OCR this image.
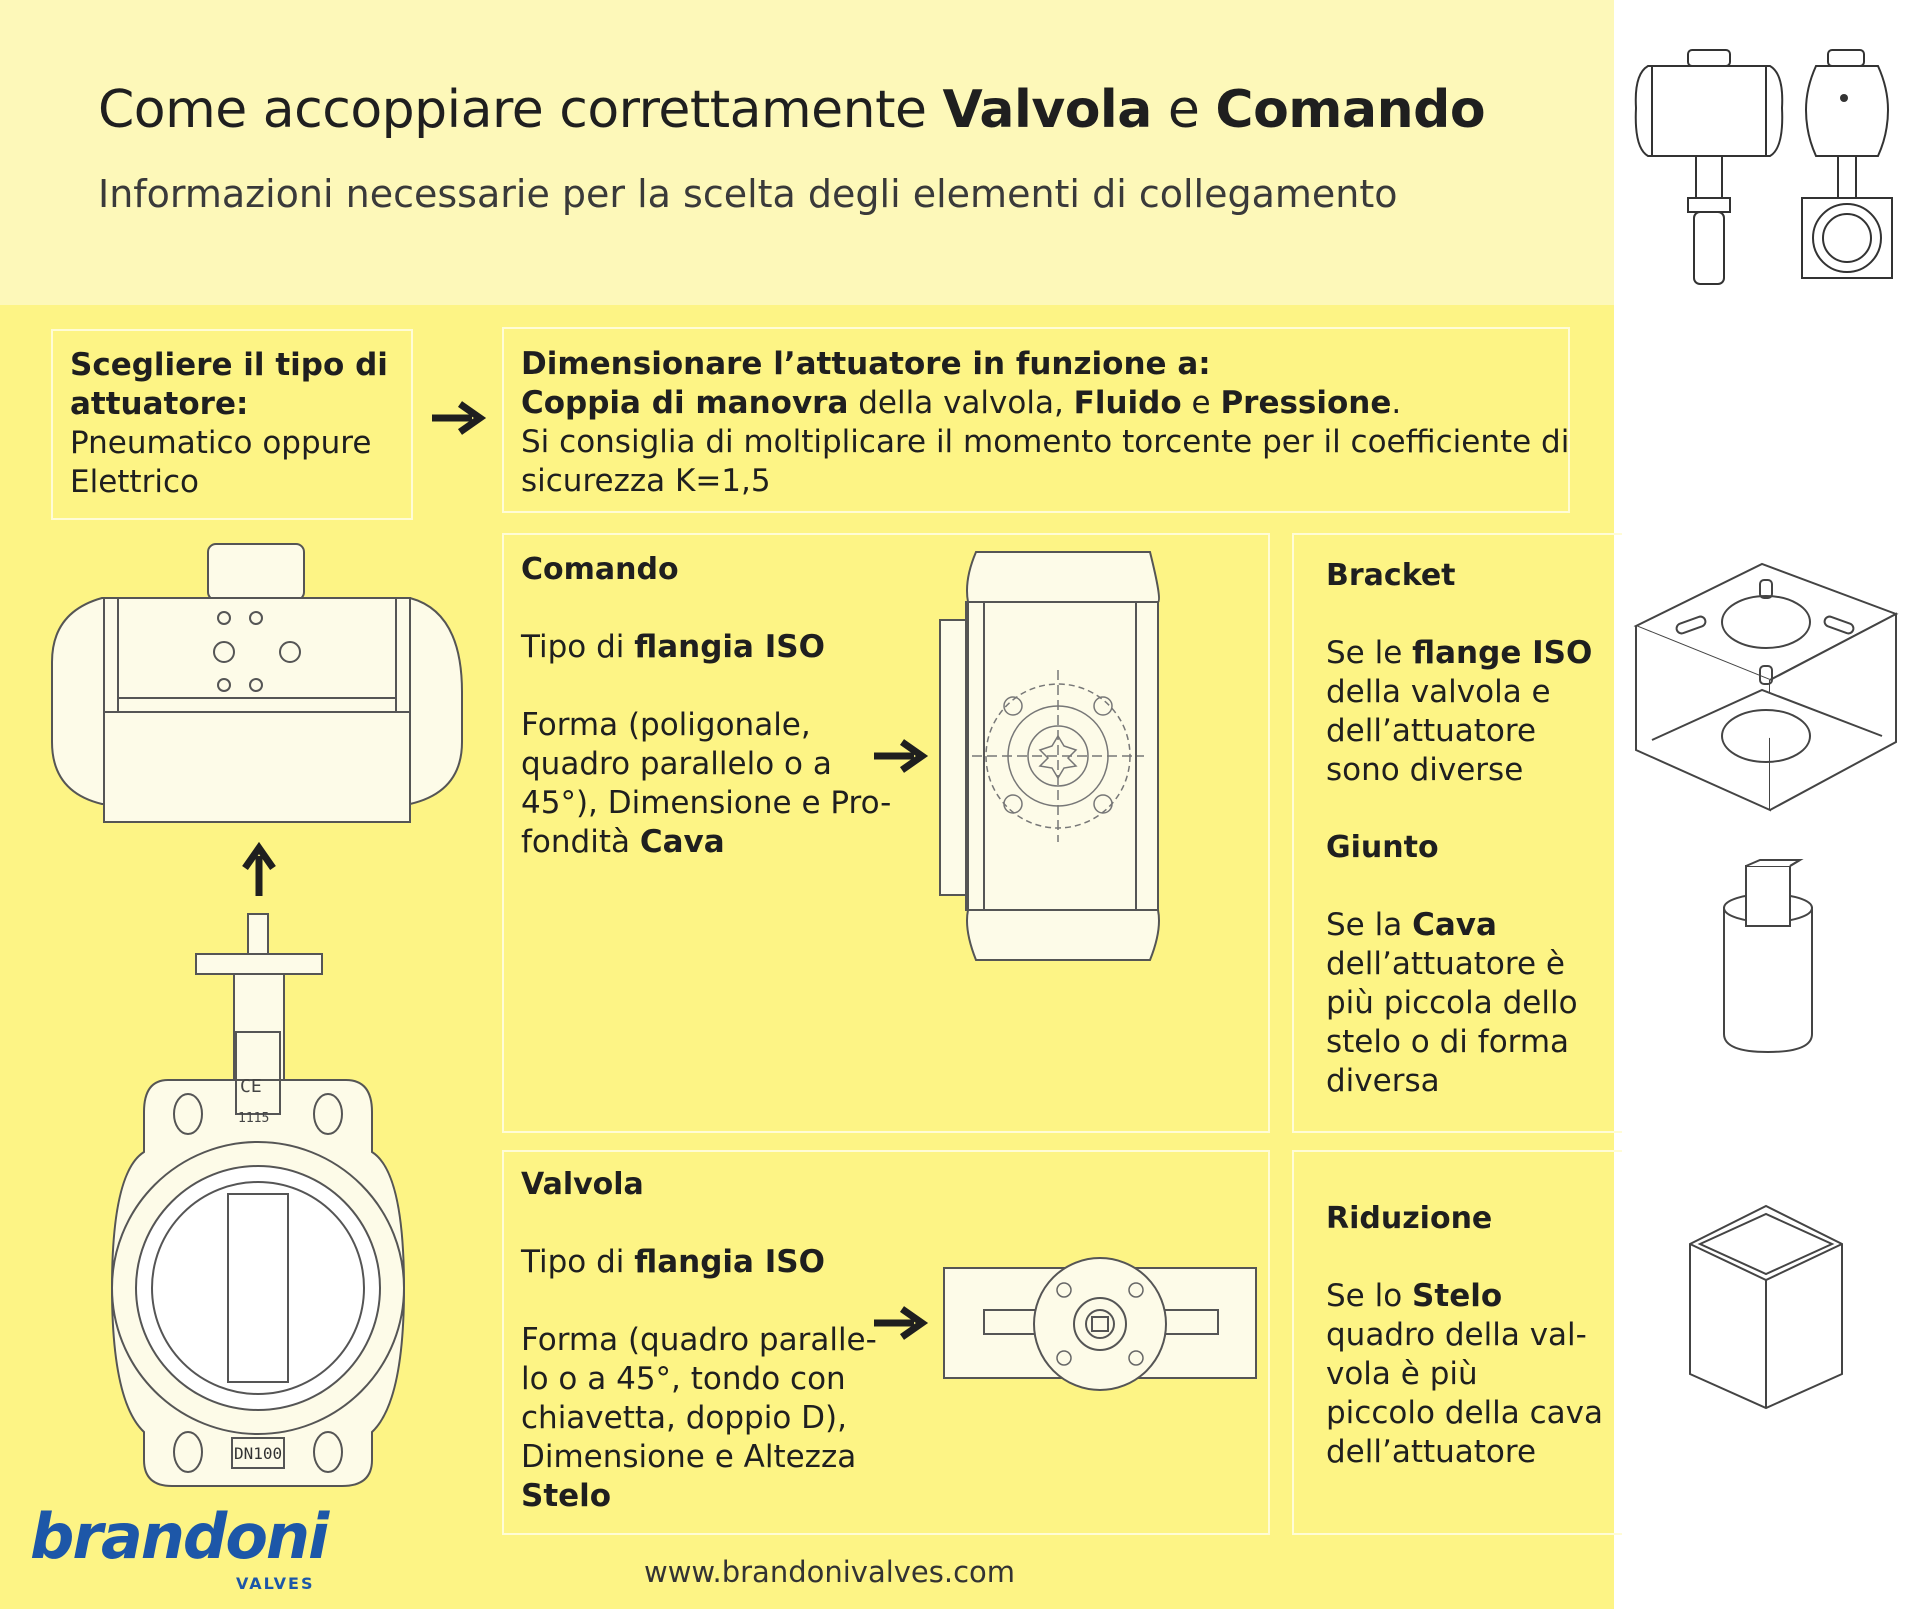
Come accoppiare correttamente Valvola e Comando
Informazioni necessarie per la scelta degli elementi di collegamento
Scegliere il tipo di
attuatore:
Pneumatico oppure
Elettrico
Dimensionare l’attuatore in funzione a:
Coppia di manovra della valvola, Fluido e Pressione.
Si consiglia di moltiplicare il momento torcente per il coefficiente di
sicurezza K=1,5
Comando
Tipo di flangia ISO
Forma (poligonale,
quadro parallelo o a
45°), Dimensione e Pro-
fondità Cava
Valvola
Tipo di flangia ISO
Forma (quadro paralle-
lo o a 45°, tondo con
chiavetta, doppio D),
Dimensione e Altezza
Stelo
Bracket
Se le flange ISO
della valvola e
dell’attuatore
sono diverse
Giunto
Se la Cava
dell’attuatore è
più piccola dello
stelo o di forma
diversa
Riduzione
Se lo Stelo
quadro della val-
vola è più
piccolo della cava
dell’attuatore
CE
1115
DN100
www.brandonivalves.com
brandoni
VALVES
